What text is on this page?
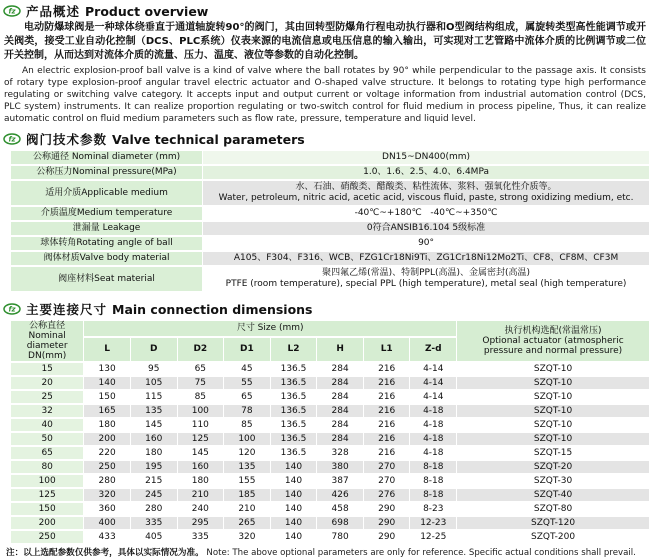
fz 产品概述 Product overview

电动防爆球阀是一种球体绕垂直于通道轴旋转90°的阀门，其由回转型防爆角行程电动执行器和O型阀结构组成，属旋转类型高性能调节或开关阀类，接受工业自动化控制（DCS、PLC系统）仪表来源的电流信息或电压信息的输入输出，可实现对工艺管路中流体介质的比例调节或二位开关控制，从而达到对流体介质的流量、压力、温度、液位等参数的自动化控制。

An electric explosion-proof ball valve is a kind of valve where the ball rotates by 90° while perpendicular to the passage axis. It consists of rotary type explosion-proof angular travel electric actuator and O-shaped valve structure. It belongs to rotating type high performance regulating or switching valve category. It accepts input and output current or voltage information from industrial automation control (DCS, PLC system) instruments. It can realize proportion regulating or two-switch control for fluid medium in process pipeline, Thus, it can realize automatic control on fluid medium parameters such as flow rate, pressure, temperature and liquid level.

fz 阀门技术参数 Valve technical parameters
公称通径 Nominal diameter (mm)	DN15~DN400(mm)
公称压力Nominal pressure(MPa)	1.0、1.6、2.5、4.0、6.4MPa
适用介质Applicable medium	水、石油、硝酸类、醋酸类、粘性流体、浆料、强氧化性介质等。
Water, petroleum, nitric acid, acetic acid, viscous fluid, paste, strong oxidizing medium, etc.

介质温度Medium temperature	-40℃~+180℃   -40℃~+350℃
泄漏量 Leakage	0符合ANSIB16.104 5级标准
球体转角Rotating angle of ball	90°
阀体材质Valve body material	A105、F304、F316、WCB、FZG1Cr18Ni9Ti、ZG1Cr18Ni12Mo2Ti、CF8、CF8M、CF3M
阀座材料Seat material	聚四氟乙烯(常温)、特制PPL(高温)、金属密封(高温)
PTFE (room temperature), special PPL (high temperature), metal seal (high temperature)
fz 主要连接尺寸 Main connection dimensions
公称直径
Nominal diameter
DN(mm)
	尺寸 Size (mm)	执行机构选配(常温常压)
Optional actuator (atmospheric
pressure and normal pressure)

	L	D	D2	D1	L2	H	L1	Z-d	
15	130	95	65	45	136.5	284	216	4-14	SZQT-10
20	140	105	75	55	136.5	284	216	4-14	SZQT-10
25	150	115	85	65	136.5	284	216	4-14	SZQT-10
32	165	135	100	78	136.5	284	216	4-18	SZQT-10
40	180	145	110	85	136.5	284	216	4-18	SZQT-10
50	200	160	125	100	136.5	284	216	4-18	SZQT-10
65	220	180	145	120	136.5	328	216	4-18	SZQT-15
80	250	195	160	135	140	380	270	8-18	SZQT-20
100	280	215	180	155	140	387	270	8-18	SZQT-30
125	320	245	210	185	140	426	276	8-18	SZQT-40
150	360	280	240	210	140	458	290	8-23	SZQT-80
200	400	335	295	265	140	698	290	12-23	SZQT-120
250	433	405	335	320	140	780	290	12-25	SZQT-200
注：以上选配参数仅供参考，具体以实际情况为准。 Note: The above optional parameters are only for reference. Specific actual conditions shall prevail.
